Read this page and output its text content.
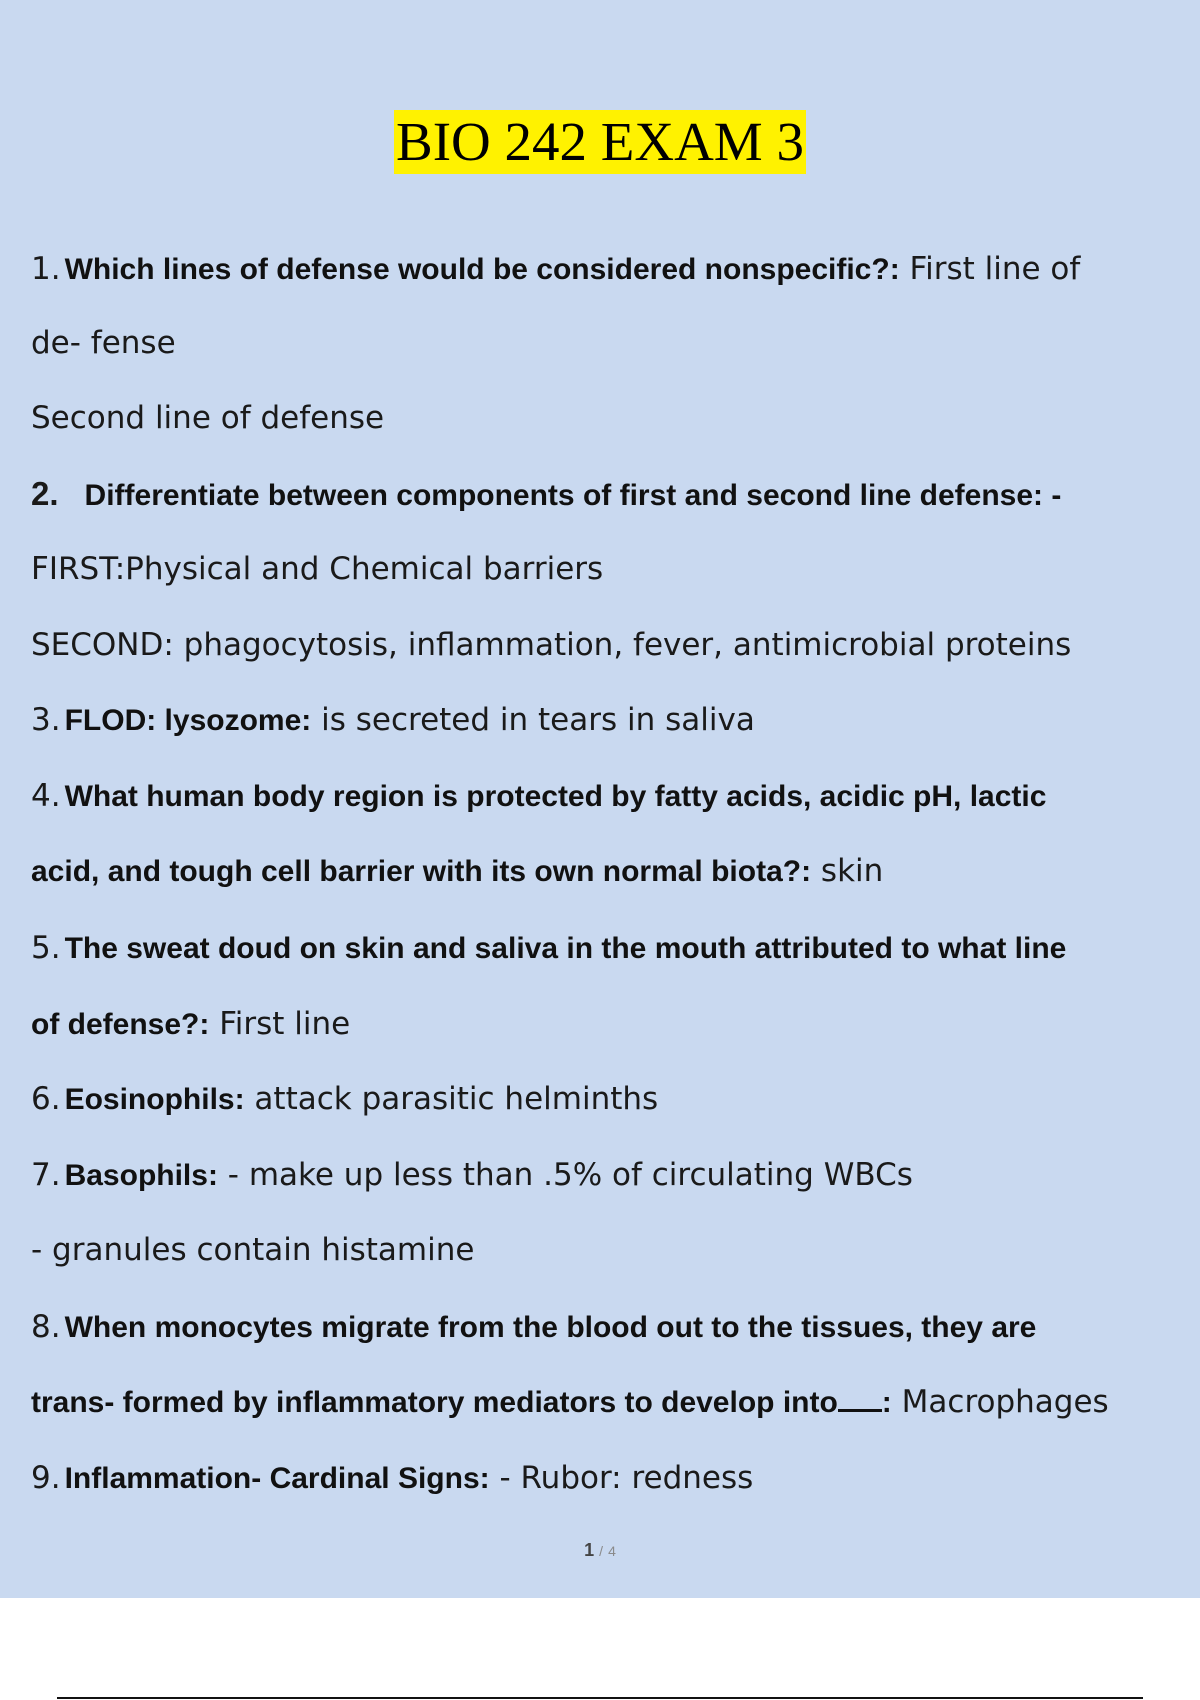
BIO 242 EXAM 3
1. Which lines of defense would be considered nonspecific?: First line of
de- fense
Second line of defense
2. Differentiate between components of first and second line defense: -
FIRST:Physical and Chemical barriers
SECOND: phagocytosis, inflammation, fever, antimicrobial proteins
3. FLOD: lysozome: is secreted in tears in saliva
4. What human body region is protected by fatty acids, acidic pH, lactic
acid, and tough cell barrier with its own normal biota?: skin
5. The sweat doud on skin and saliva in the mouth attributed to what line
of defense?: First line
6. Eosinophils: attack parasitic helminths
7. Basophils: - make up less than .5% of circulating WBCs
- granules contain histamine
8. When monocytes migrate from the blood out to the tissues, they are
trans- formed by inflammatory mediators to develop into : Macrophages
9. Inflammation- Cardinal Signs: - Rubor: redness
1 / 4
